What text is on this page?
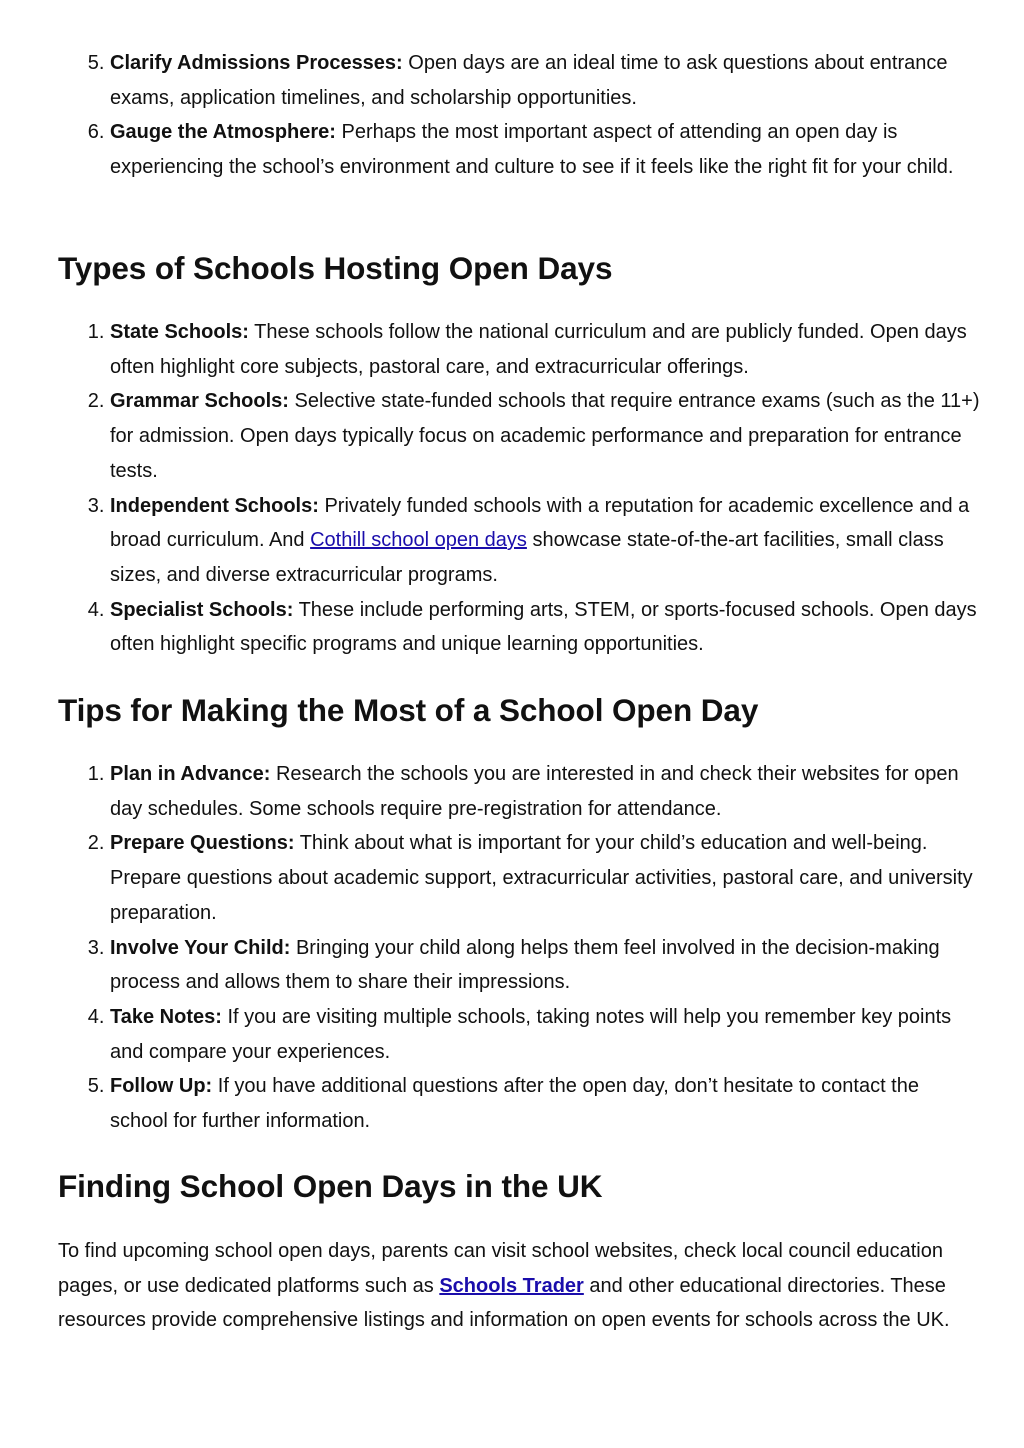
5. Clarify Admissions Processes: Open days are an ideal time to ask questions about entrance exams, application timelines, and scholarship opportunities.
6. Gauge the Atmosphere: Perhaps the most important aspect of attending an open day is experiencing the school’s environment and culture to see if it feels like the right fit for your child.
Types of Schools Hosting Open Days
1. State Schools: These schools follow the national curriculum and are publicly funded. Open days often highlight core subjects, pastoral care, and extracurricular offerings.
2. Grammar Schools: Selective state-funded schools that require entrance exams (such as the 11+) for admission. Open days typically focus on academic performance and preparation for entrance tests.
3. Independent Schools: Privately funded schools with a reputation for academic excellence and a broad curriculum. And Cothill school open days showcase state-of-the-art facilities, small class sizes, and diverse extracurricular programs.
4. Specialist Schools: These include performing arts, STEM, or sports-focused schools. Open days often highlight specific programs and unique learning opportunities.
Tips for Making the Most of a School Open Day
1. Plan in Advance: Research the schools you are interested in and check their websites for open day schedules. Some schools require pre-registration for attendance.
2. Prepare Questions: Think about what is important for your child’s education and well-being. Prepare questions about academic support, extracurricular activities, pastoral care, and university preparation.
3. Involve Your Child: Bringing your child along helps them feel involved in the decision-making process and allows them to share their impressions.
4. Take Notes: If you are visiting multiple schools, taking notes will help you remember key points and compare your experiences.
5. Follow Up: If you have additional questions after the open day, don’t hesitate to contact the school for further information.
Finding School Open Days in the UK

To find upcoming school open days, parents can visit school websites, check local council education pages, or use dedicated platforms such as Schools Trader and other educational directories. These resources provide comprehensive listings and information on open events for schools across the UK.
